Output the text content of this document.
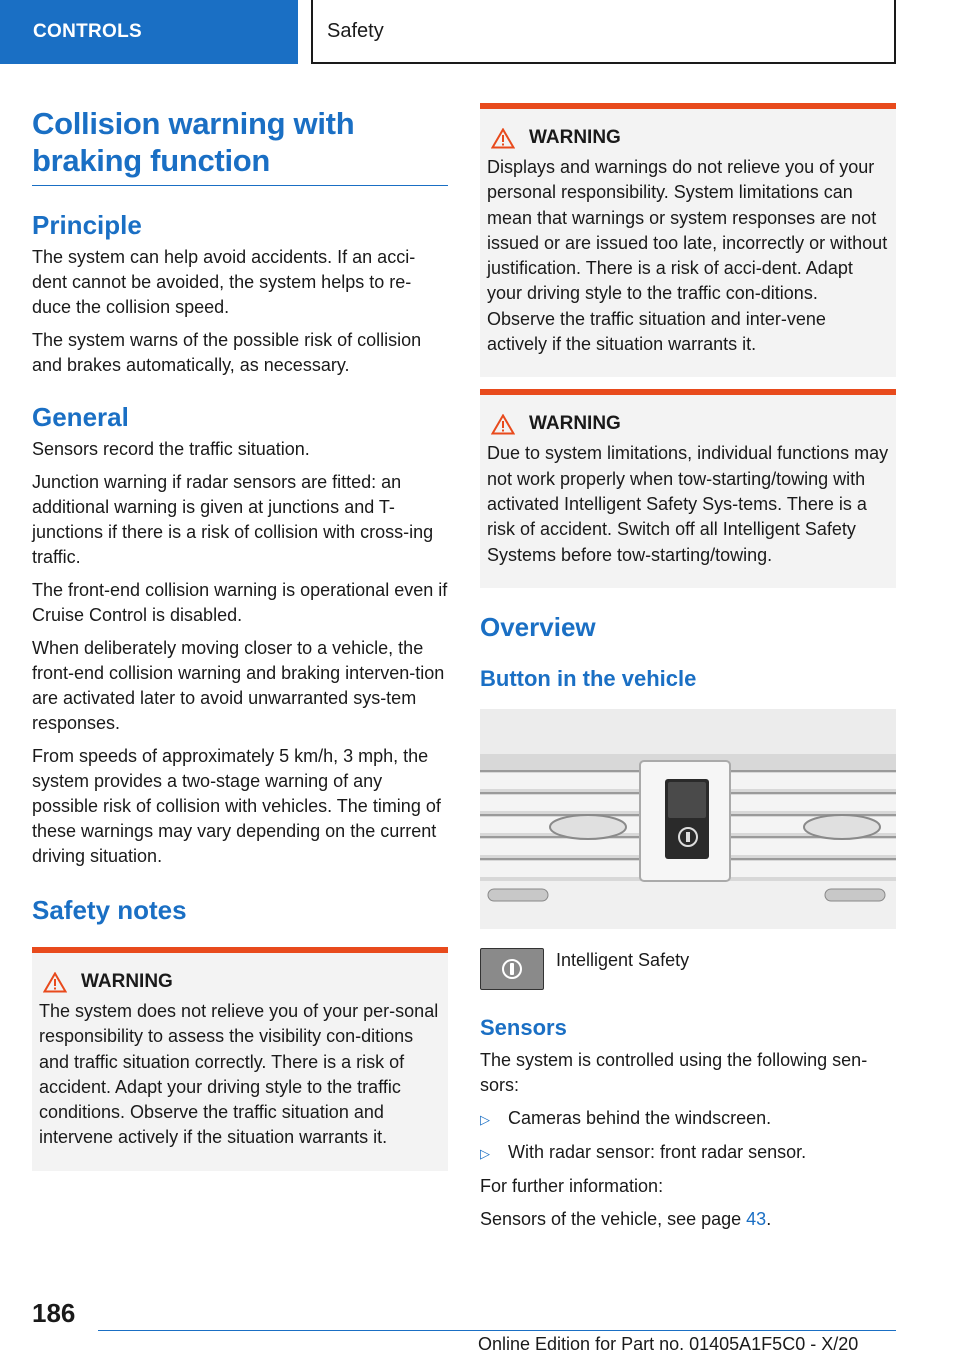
CONTROLS	Safety
Collision warning with braking function
Principle

The system can help avoid accidents. If an acci‐dent cannot be avoided, the system helps to re‐duce the collision speed.

The system warns of the possible risk of collision and brakes automatically, as necessary.

General

Sensors record the traffic situation.

Junction warning if radar sensors are fitted: an additional warning is given at junctions and T-junctions if there is a risk of collision with cross‐ing traffic.

The front-end collision warning is operational even if Cruise Control is disabled.

When deliberately moving closer to a vehicle, the front-end collision warning and braking interven‐tion are activated later to avoid unwarranted sys‐tem responses.

From speeds of approximately 5 km/h, 3 mph, the system provides a two-stage warning of any possible risk of collision with vehicles. The timing of these warnings may vary depending on the current driving situation.

Safety notes
WARNING

The system does not relieve you of your per‐sonal responsibility to assess the visibility con‐ditions and traffic situation correctly. There is a risk of accident. Adapt your driving style to the traffic conditions. Observe the traffic situation and intervene actively if the situation warrants it.

WARNING

Displays and warnings do not relieve you of your personal responsibility. System limitations can mean that warnings or system responses are not issued or are issued too late, incorrectly or without justification. There is a risk of acci‐dent. Adapt your driving style to the traffic con‐ditions. Observe the traffic situation and inter‐vene actively if the situation warrants it.

WARNING

Due to system limitations, individual functions may not work properly when tow-starting/towing with activated Intelligent Safety Sys‐tems. There is a risk of accident. Switch off all Intelligent Safety Systems before tow-starting/towing.

Overview
Button in the vehicle

Intelligent Safety

Sensors

The system is controlled using the following sen‐sors:

▷	Cameras behind the windscreen.
▷	With radar sensor: front radar sensor.

For further information:

Sensors of the vehicle, see page 43.

186
Online Edition for Part no. 01405A1F5C0 - X/20
